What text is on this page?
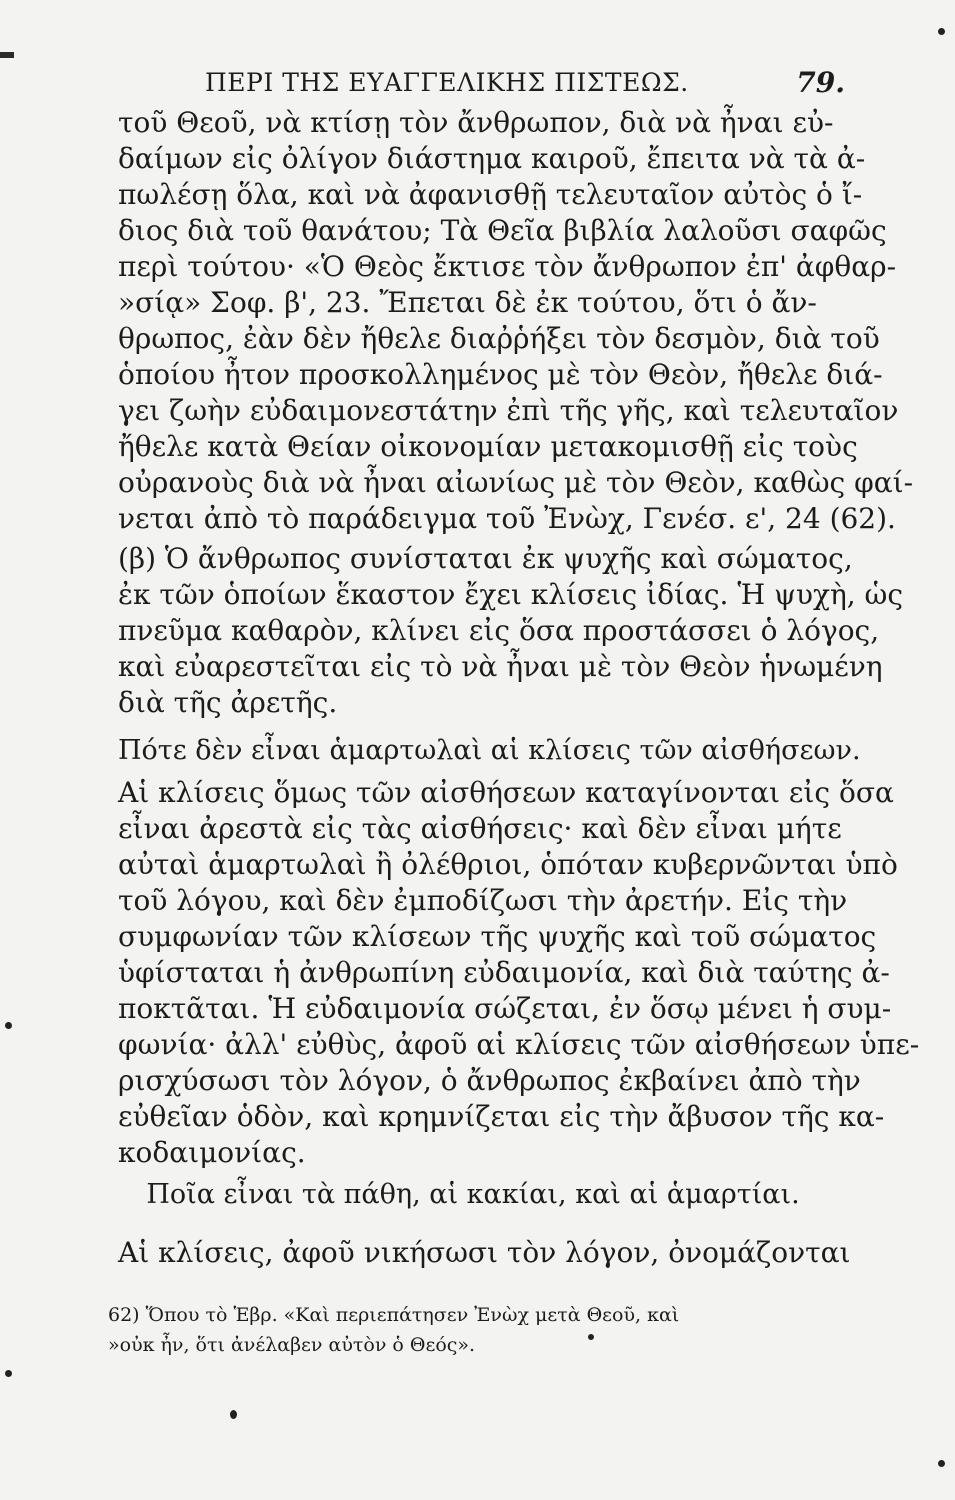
ΠΕΡΙ ΤΗΣ ΕΥΑΓΓΕΛΙΚΗΣ ΠΙΣΤΕΩΣ.	79.
τοῦ Θεοῦ, νὰ κτίσῃ τὸν ἄνθρωπον, διὰ νὰ ἦναι εὐ-
δαίμων εἰς ὀλίγον διάστημα καιροῦ, ἔπειτα νὰ τὰ ἀ-
πωλέσῃ ὅλα, καὶ νὰ ἀφανισθῇ τελευταῖον αὐτὸς ὁ ἴ-
διος διὰ τοῦ θανάτου; Τὰ Θεῖα βιβλία λαλοῦσι σαφῶς
περὶ τούτου· «Ὁ Θεὸς ἔκτισε τὸν ἄνθρωπον ἐπ' ἀφθαρ-
»σίᾳ» Σοφ. β', 23. Ἔπεται δὲ ἐκ τούτου, ὅτι ὁ ἄν-
θρωπος, ἐὰν δὲν ἤθελε διαῤῥήξει τὸν δεσμὸν, διὰ τοῦ
ὁποίου ἦτον προσκολλημένος μὲ τὸν Θεὸν, ἤθελε διά-
γει ζωὴν εὐδαιμονεστάτην ἐπὶ τῆς γῆς, καὶ τελευταῖον
ἤθελε κατὰ Θείαν οἰκονομίαν μετακομισθῇ εἰς τοὺς
οὐρανοὺς διὰ νὰ ἦναι αἰωνίως μὲ τὸν Θεὸν, καθὼς φαί-
νεται ἀπὸ τὸ παράδειγμα τοῦ Ἐνὼχ, Γενέσ. ε', 24 (62).
(β) Ὁ ἄνθρωπος συνίσταται ἐκ ψυχῆς καὶ σώματος,
ἐκ τῶν ὁποίων ἕκαστον ἔχει κλίσεις ἰδίας. Ἡ ψυχὴ, ὡς
πνεῦμα καθαρὸν, κλίνει εἰς ὅσα προστάσσει ὁ λόγος,
καὶ εὐαρεστεῖται εἰς τὸ νὰ ἦναι μὲ τὸν Θεὸν ἡνωμένη
διὰ τῆς ἀρετῆς.
Πότε δὲν εἶναι ἁμαρτωλαὶ αἱ κλίσεις τῶν αἰσθήσεων.
Αἱ κλίσεις ὅμως τῶν αἰσθήσεων καταγίνονται εἰς ὅσα
εἶναι ἀρεστὰ εἰς τὰς αἰσθήσεις· καὶ δὲν εἶναι μήτε
αὐταὶ ἁμαρτωλαὶ ἢ ὀλέθριοι, ὁπόταν κυβερνῶνται ὑπὸ
τοῦ λόγου, καὶ δὲν ἐμποδίζωσι τὴν ἀρετήν. Εἰς τὴν
συμφωνίαν τῶν κλίσεων τῆς ψυχῆς καὶ τοῦ σώματος
ὑφίσταται ἡ ἀνθρωπίνη εὐδαιμονία, καὶ διὰ ταύτης ἀ-
ποκτᾶται. Ἡ εὐδαιμονία σώζεται, ἐν ὅσῳ μένει ἡ συμ-
φωνία· ἀλλ' εὐθὺς, ἀφοῦ αἱ κλίσεις τῶν αἰσθήσεων ὑπε-
ρισχύσωσι τὸν λόγον, ὁ ἄνθρωπος ἐκβαίνει ἀπὸ τὴν
εὐθεῖαν ὁδὸν, καὶ κρημνίζεται εἰς τὴν ἄβυσον τῆς κα-
κοδαιμονίας.
Ποῖα εἶναι τὰ πάθη, αἱ κακίαι, καὶ αἱ ἁμαρτίαι.
Αἱ κλίσεις, ἀφοῦ νικήσωσι τὸν λόγον, ὀνομάζονται
62) Ὅπου τὸ Ἑβρ. «Καὶ περιεπάτησεν Ἐνὼχ μετὰ Θεοῦ, καὶ
»οὐκ ἦν, ὅτι ἀνέλαβεν αὐτὸν ὁ Θεός».
